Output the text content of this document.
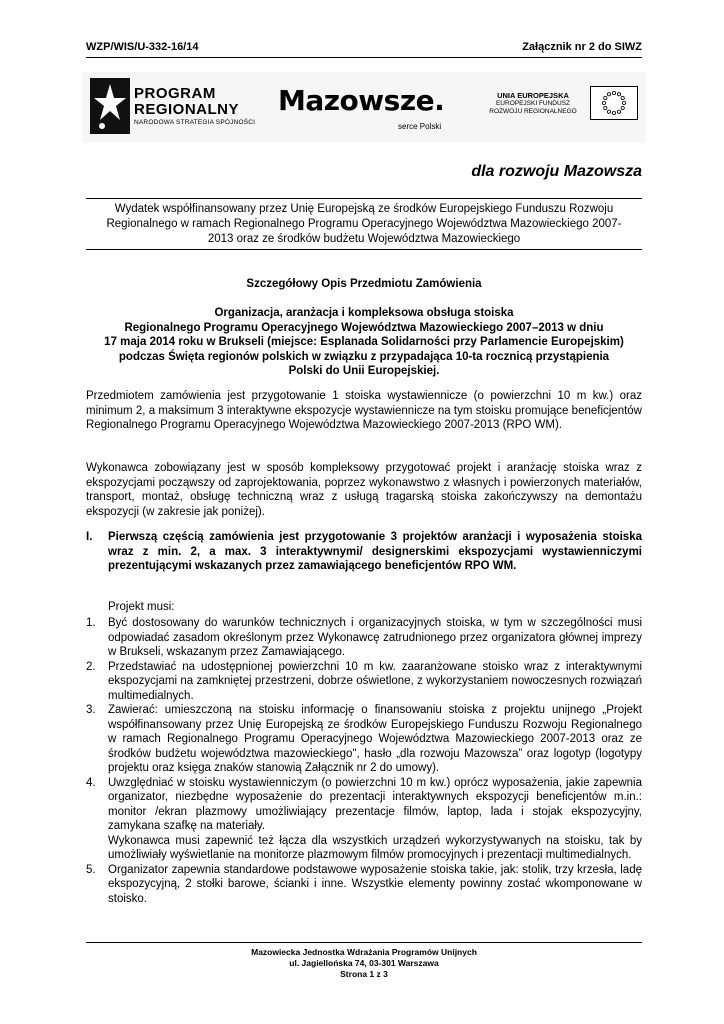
WZP/WIS/U-332-16/14	Załącznik nr 2 do SIWZ
PROGRAM
REGIONALNY
NARODOWA STRATEGIA SPÓJNOŚCI
Mazowsze.
serce Polski
UNIA EUROPEJSKA
EUROPEJSKI FUNDUSZ
ROZWOJU REGIONALNEGO
dla rozwoju Mazowsza
Wydatek współfinansowany przez Unię Europejską ze środków Europejskiego Funduszu Rozwoju
Regionalnego w ramach Regionalnego Programu Operacyjnego Województwa Mazowieckiego 2007-
2013 oraz ze środków budżetu Województwa Mazowieckiego
Szczegółowy Opis Przedmiotu Zamówienia
Organizacja, aranżacja i kompleksowa obsługa stoiska
Regionalnego Programu Operacyjnego Województwa Mazowieckiego 2007–2013 w dniu
17 maja 2014 roku w Brukseli (miejsce: Esplanada Solidarności przy Parlamencie Europejskim)
podczas Święta regionów polskich w związku z przypadająca 10-ta rocznicą przystąpienia
Polski do Unii Europejskiej.
Przedmiotem zamówienia jest przygotowanie 1 stoiska wystawiennicze (o powierzchni 10 m kw.) oraz minimum 2, a maksimum 3 interaktywne ekspozycje wystawiennicze na tym stoisku promujące beneficjentów Regionalnego Programu Operacyjnego Województwa Mazowieckiego 2007-2013 (RPO WM).
Wykonawca zobowiązany jest w sposób kompleksowy przygotować projekt i aranżację stoiska wraz z ekspozycjami począwszy od zaprojektowania, poprzez wykonawstwo z własnych i powierzonych materiałów, transport, montaż, obsługę techniczną wraz z usługą tragarską stoiska zakończywszy na demontażu ekspozycji (w zakresie jak poniżej).
I. Pierwszą częścią zamówienia jest przygotowanie 3 projektów aranżacji i wyposażenia stoiska wraz z min. 2, a max. 3 interaktywnymi/ designerskimi ekspozycjami wystawienniczymi prezentującymi wskazanych przez zamawiającego beneficjentów RPO WM.
Projekt musi:
1. Być dostosowany do warunków technicznych i organizacyjnych stoiska, w tym w szczególności musi odpowiadać zasadom określonym przez Wykonawcę zatrudnionego przez organizatora głównej imprezy w Brukseli, wskazanym przez Zamawiającego.
2. Przedstawiać na udostępnionej powierzchni 10 m kw. zaaranżowane stoisko wraz z interaktywnymi ekspozycjami na zamkniętej przestrzeni, dobrze oświetlone, z wykorzystaniem nowoczesnych rozwiązań multimedialnych.
3. Zawierać: umieszczoną na stoisku informację o finansowaniu stoiska z projektu unijnego „Projekt współfinansowany przez Unię Europejską ze środków Europejskiego Funduszu Rozwoju Regionalnego w ramach Regionalnego Programu Operacyjnego Województwa Mazowieckiego 2007-2013 oraz ze środków budżetu województwa mazowieckiego", hasło „dla rozwoju Mazowsza” oraz logotyp (logotypy projektu oraz księga znaków stanowią Załącznik nr 2 do umowy).
4. Uwzględniać w stoisku wystawienniczym (o powierzchni 10 m kw.) oprócz wyposażenia, jakie zapewnia organizator, niezbędne wyposażenie do prezentacji interaktywnych ekspozycji beneficjentów m.in.: monitor /ekran plazmowy umożliwiający prezentacje filmów, laptop, lada i stojak ekspozycyjny, zamykana szafkę na materiały.
Wykonawca musi zapewnić też łącza dla wszystkich urządzeń wykorzystywanych na stoisku, tak by umożliwiały wyświetlanie na monitorze plazmowym filmów promocyjnych i prezentacji multimedialnych.
5. Organizator zapewnia standardowe podstawowe wyposażenie stoiska takie, jak: stolik, trzy krzesła, ladę ekspozycyjną, 2 stołki barowe, ścianki i inne. Wszystkie elementy powinny zostać wkomponowane w stoisko.
Mazowiecka Jednostka Wdrażania Programów Unijnych
ul. Jagiellońska 74, 03-301 Warszawa
Strona 1 z 3
